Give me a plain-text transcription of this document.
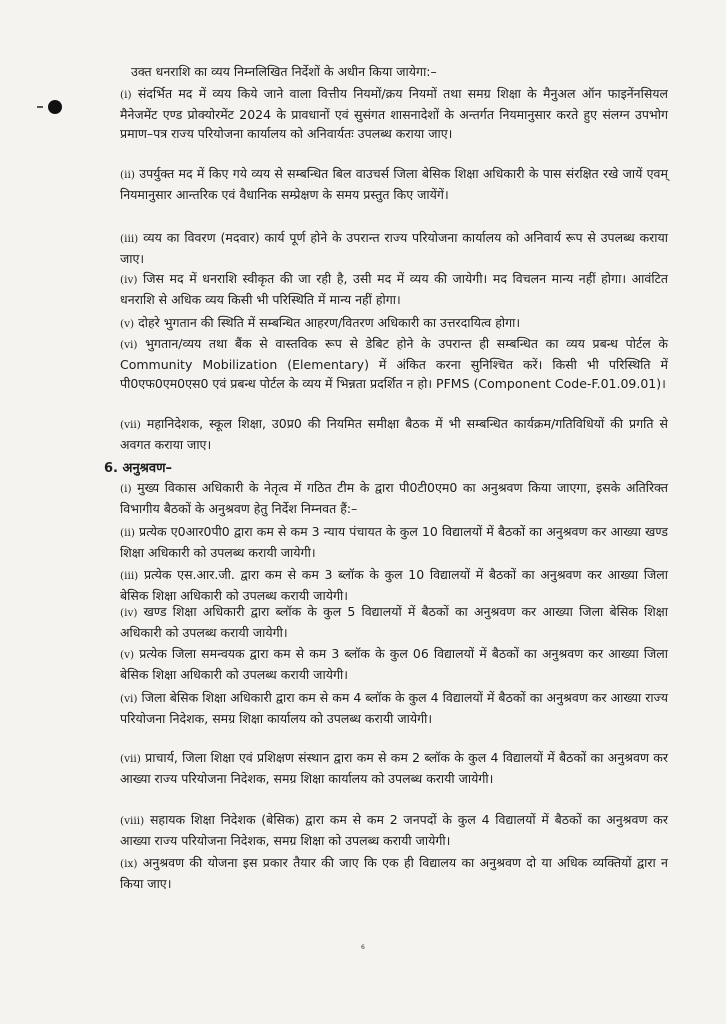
उक्त धनराशि का व्यय निम्नलिखित निर्देशों के अधीन किया जायेगा:–
(i) संदर्भित मद में व्यय किये जाने वाला वित्तीय नियमों/क्रय नियमों तथा समग्र शिक्षा के मैनुअल ऑन फाइनेंनसियल मैनेजमेंट एण्ड प्रोक्योरमेंट 2024 के प्रावधानों एवं सुसंगत शासनादेशों के अन्तर्गत नियमानुसार करते हुए संलग्न उपभोग प्रमाण–पत्र राज्य परियोजना कार्यालय को अनिवार्यतः उपलब्ध कराया जाए।
(ii) उपर्युक्त मद में किए गये व्यय से सम्बन्धित बिल वाउचर्स जिला बेसिक शिक्षा अधिकारी के पास संरक्षित रखे जायें एवम् नियमानुसार आन्तरिक एवं वैधानिक सम्प्रेक्षण के समय प्रस्तुत किए जायेंगें।
(iii) व्यय का विवरण (मदवार) कार्य पूर्ण होने के उपरान्त राज्य परियोजना कार्यालय को अनिवार्य रूप से उपलब्ध कराया जाए।
(iv) जिस मद में धनराशि स्वीकृत की जा रही है, उसी मद में व्यय की जायेगी। मद विचलन मान्य नहीं होगा। आवंटित धनराशि से अधिक व्यय किसी भी परिस्थिति में मान्य नहीं होगा।
(v) दोहरे भुगतान की स्थिति में सम्बन्धित आहरण/वितरण अधिकारी का उत्तरदायित्व होगा।
(vi) भुगतान/व्यय तथा बैंक से वास्तविक रूप से डेबिट होने के उपरान्त ही सम्बन्धित का व्यय प्रबन्ध पोर्टल के Community Mobilization (Elementary) में अंकित करना सुनिश्चित करें। किसी भी परिस्थिति में पी0एफ0एम0एस0 एवं प्रबन्ध पोर्टल के व्यय में भिन्नता प्रदर्शित न हो। PFMS (Component Code-F.01.09.01)।
(vii) महानिदेशक, स्कूल शिक्षा, उ0प्र0 की नियमित समीक्षा बैठक में भी सम्बन्धित कार्यक्रम/गतिविधियों की प्रगति से अवगत कराया जाए।
6. अनुश्रवण–
(i) मुख्य विकास अधिकारी के नेतृत्व में गठित टीम के द्वारा पी0टी0एम0 का अनुश्रवण किया जाएगा, इसके अतिरिक्त विभागीय बैठकों के अनुश्रवण हेतु निर्देश निम्नवत हैं:–
(ii) प्रत्येक ए0आर0पी0 द्वारा कम से कम 3 न्याय पंचायत के कुल 10 विद्यालयों में बैठकों का अनुश्रवण कर आख्या खण्ड शिक्षा अधिकारी को उपलब्ध करायी जायेगी।
(iii) प्रत्येक एस.आर.जी. द्वारा कम से कम 3 ब्लॉक के कुल 10 विद्यालयों में बैठकों का अनुश्रवण कर आख्या जिला बेसिक शिक्षा अधिकारी को उपलब्ध करायी जायेगी।
(iv) खण्ड शिक्षा अधिकारी द्वारा ब्लॉक के कुल 5 विद्यालयों में बैठकों का अनुश्रवण कर आख्या जिला बेसिक शिक्षा अधिकारी को उपलब्ध करायी जायेगी।
(v) प्रत्येक जिला समन्वयक द्वारा कम से कम 3 ब्लॉक के कुल 06 विद्यालयों में बैठकों का अनुश्रवण कर आख्या जिला बेसिक शिक्षा अधिकारी को उपलब्ध करायी जायेगी।
(vi) जिला बेसिक शिक्षा अधिकारी द्वारा कम से कम 4 ब्लॉक के कुल 4 विद्यालयों में बैठकों का अनुश्रवण कर आख्या राज्य परियोजना निदेशक, समग्र शिक्षा कार्यालय को उपलब्ध करायी जायेगी।
(vii) प्राचार्य, जिला शिक्षा एवं प्रशिक्षण संस्थान द्वारा कम से कम 2 ब्लॉक के कुल 4 विद्यालयों में बैठकों का अनुश्रवण कर आख्या राज्य परियोजना निदेशक, समग्र शिक्षा कार्यालय को उपलब्ध करायी जायेगी।
(viii) सहायक शिक्षा निदेशक (बेसिक) द्वारा कम से कम 2 जनपदों के कुल 4 विद्यालयों में बैठकों का अनुश्रवण कर आख्या राज्य परियोजना निदेशक, समग्र शिक्षा को उपलब्ध करायी जायेगी।
(ix) अनुश्रवण की योजना इस प्रकार तैयार की जाए कि एक ही विद्यालय का अनुश्रवण दो या अधिक व्यक्तियों द्वारा न किया जाए।
6
